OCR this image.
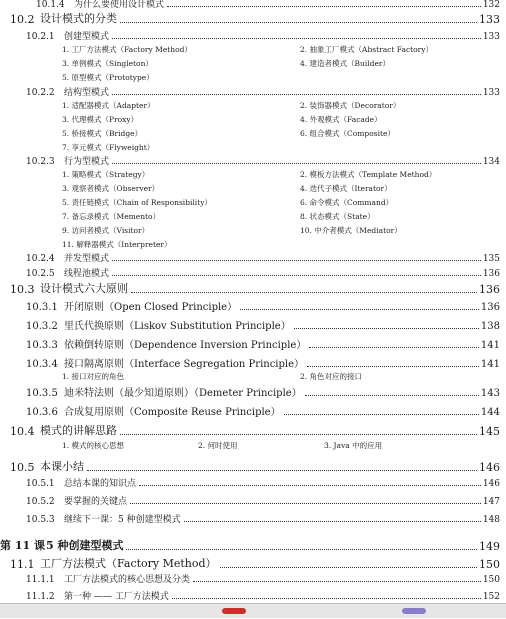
10.1.4	为什么要使用设计模式	132
10.2 设计模式的分类	133
10.2.1	创建型模式	133
1. 工厂方法模式（Factory Method）	2. 抽象工厂模式（Abstract Factory）
3. 单例模式（Singleton）	4. 建造者模式（Builder）
5. 原型模式（Prototype）
10.2.2	结构型模式	133
1. 适配器模式（Adapter）	2. 装饰器模式（Decorator）
3. 代理模式（Proxy）	4. 外观模式（Facade）
5. 桥接模式（Bridge）	6. 组合模式（Composite）
7. 享元模式（Flyweight）
10.2.3	行为型模式	134
1. 策略模式（Strategy）	2. 模板方法模式（Template Method）
3. 观察者模式（Observer）	4. 迭代子模式（Iterator）
5. 责任链模式（Chain of Responsibility）	6. 命令模式（Command）
7. 备忘录模式（Memento）	8. 状态模式（State）
9. 访问者模式（Visitor）	10. 中介者模式（Mediator）
11. 解释器模式（Interpreter）
10.2.4	并发型模式	135
10.2.5	线程池模式	136
10.3 设计模式六大原则	136
10.3.1 开闭原则（Open Closed Principle）	136
10.3.2 里氏代换原则（Liskov Substitution Principle）	138
10.3.3 依赖倒转原则（Dependence Inversion Principle）	141
10.3.4 接口隔离原则（Interface Segregation Principle）	141
1. 接口对应的角色	2. 角色对应的接口
10.3.5 迪米特法则（最少知道原则）（Demeter Principle）	143
10.3.6 合成复用原则（Composite Reuse Principle）	144
10.4 模式的讲解思路	145
1. 模式的核心思想	2. 何时使用	3. Java 中的应用
10.5 本课小结	146
10.5.1	总结本课的知识点	146
10.5.2	要掌握的关键点	147
10.5.3	继续下一课：5 种创建型模式	148
第 11 课 5 种创建型模式	149
11.1 工厂方法模式（Factory Method）	150
11.1.1	工厂方法模式的核心思想及分类	150
11.1.2	第一种 —— 工厂方法模式	152
